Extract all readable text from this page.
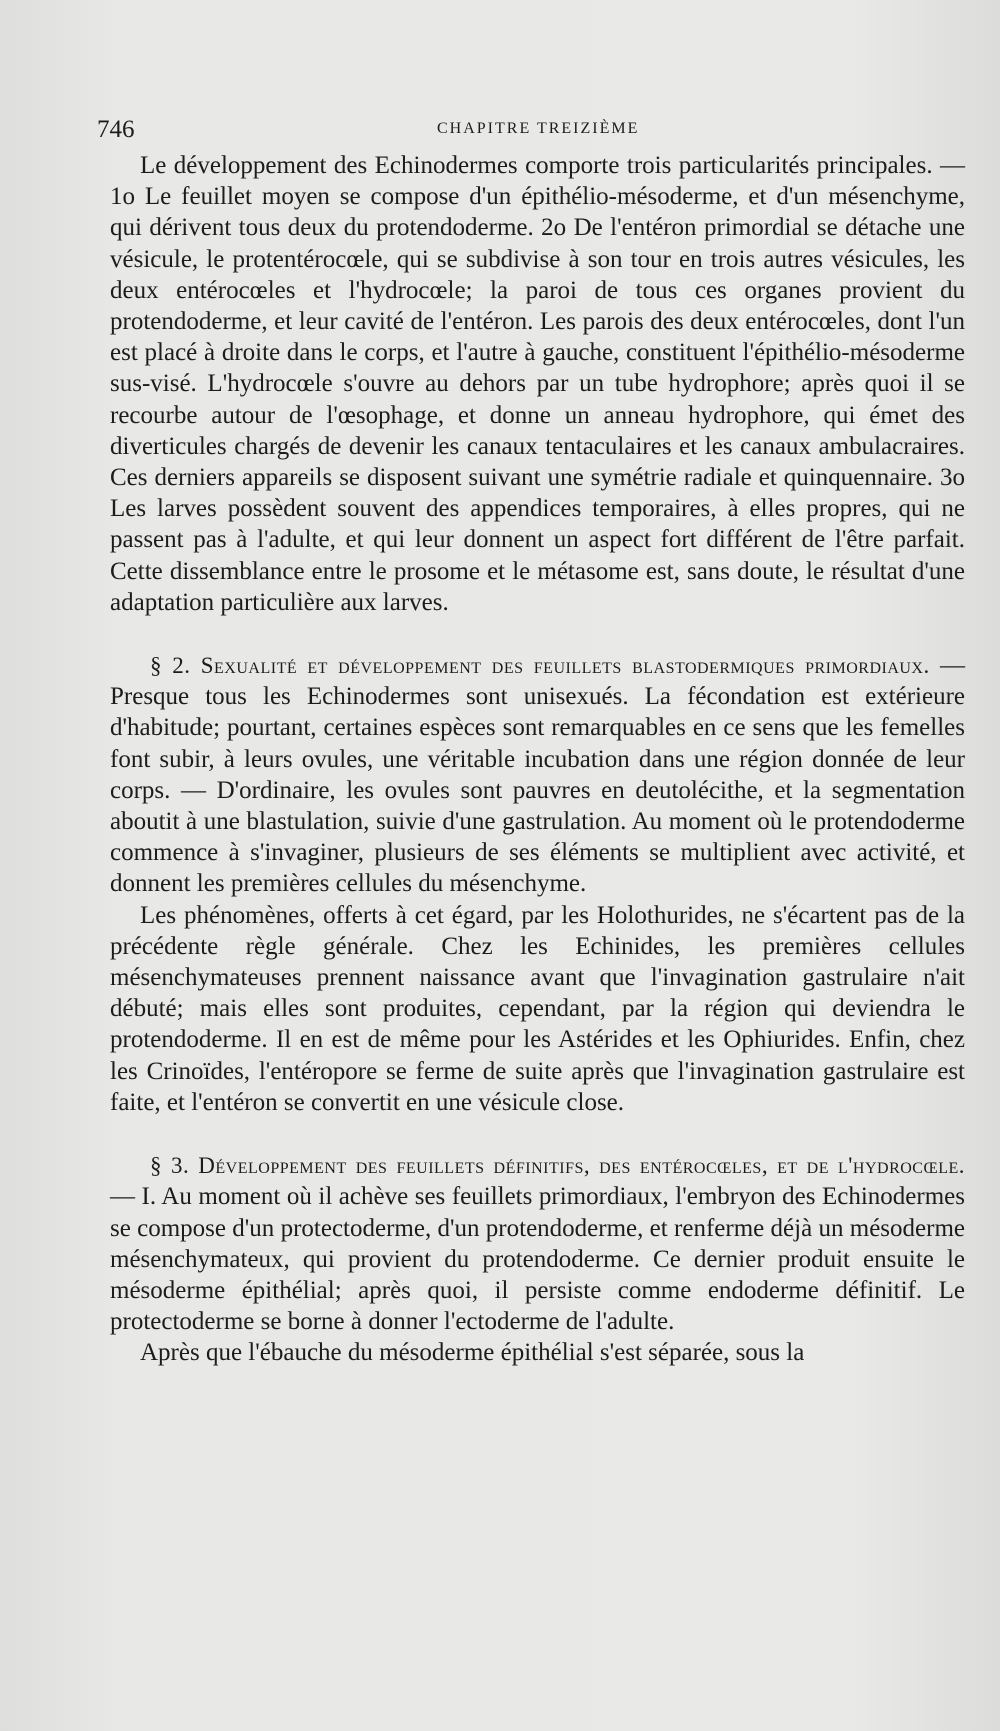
746	CHAPITRE TREIZIÈME

Le développement des Echinodermes comporte trois particularités principales. — 1o Le feuillet moyen se compose d'un épithélio-mésoderme, et d'un mésenchyme, qui dérivent tous deux du protendoderme. 2o De l'entéron primordial se détache une vésicule, le protentérocœle, qui se subdivise à son tour en trois autres vésicules, les deux entérocœles et l'hydrocœle; la paroi de tous ces organes provient du protendoderme, et leur cavité de l'entéron. Les parois des deux entérocœles, dont l'un est placé à droite dans le corps, et l'autre à gauche, constituent l'épithélio-mésoderme sus-visé. L'hydrocœle s'ouvre au dehors par un tube hydrophore; après quoi il se recourbe autour de l'œsophage, et donne un anneau hydrophore, qui émet des diverticules chargés de devenir les canaux tentaculaires et les canaux ambulacraires. Ces derniers appareils se disposent suivant une symétrie radiale et quinquennaire. 3o Les larves possèdent souvent des appendices temporaires, à elles propres, qui ne passent pas à l'adulte, et qui leur donnent un aspect fort différent de l'être parfait. Cette dissemblance entre le prosome et le métasome est, sans doute, le résultat d'une adaptation particulière aux larves.

§ 2. Sexualité et développement des feuillets blastodermiques primordiaux. — Presque tous les Echinodermes sont unisexués. La fécondation est extérieure d'habitude; pourtant, certaines espèces sont remarquables en ce sens que les femelles font subir, à leurs ovules, une véritable incubation dans une région donnée de leur corps. — D'ordinaire, les ovules sont pauvres en deutolécithe, et la segmentation aboutit à une blastulation, suivie d'une gastrulation. Au moment où le protendoderme commence à s'invaginer, plusieurs de ses éléments se multiplient avec activité, et donnent les premières cellules du mésenchyme.

Les phénomènes, offerts à cet égard, par les Holothurides, ne s'écartent pas de la précédente règle générale. Chez les Echinides, les premières cellules mésenchymateuses prennent naissance avant que l'invagination gastrulaire n'ait débuté; mais elles sont produites, cependant, par la région qui deviendra le protendoderme. Il en est de même pour les Astérides et les Ophiurides. Enfin, chez les Crinoïdes, l'entéropore se ferme de suite après que l'invagination gastrulaire est faite, et l'entéron se convertit en une vésicule close.

§ 3. Développement des feuillets définitifs, des entérocœles, et de l'hydrocœle. — I. Au moment où il achève ses feuillets primordiaux, l'embryon des Echinodermes se compose d'un protectoderme, d'un protendoderme, et renferme déjà un mésoderme mésenchymateux, qui provient du protendoderme. Ce dernier produit ensuite le mésoderme épithélial; après quoi, il persiste comme endoderme définitif. Le protectoderme se borne à donner l'ectoderme de l'adulte.

Après que l'ébauche du mésoderme épithélial s'est séparée, sous la
